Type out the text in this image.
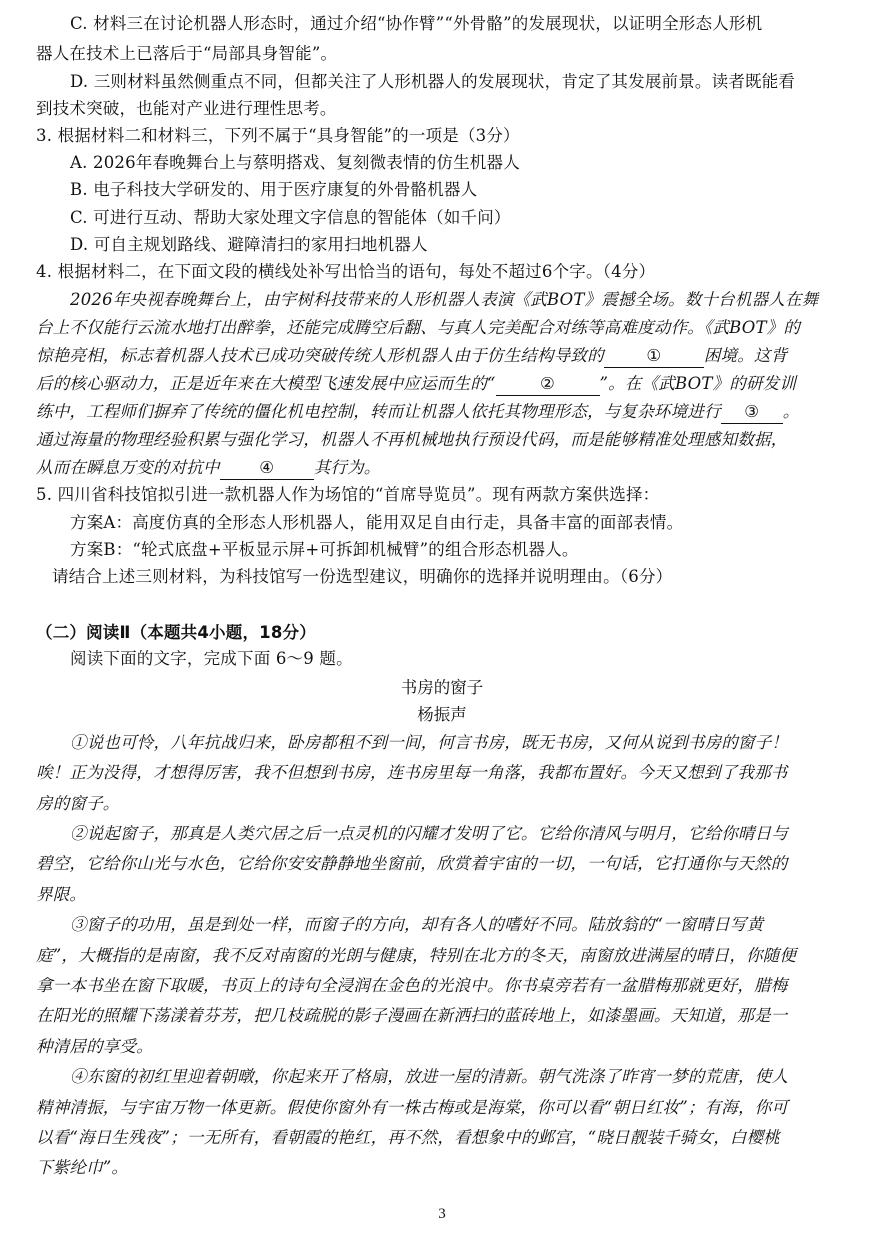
C. 材料三在讨论机器人形态时，通过介绍“协作臂”“外骨骼”的发展现状，以证明全形态人形机
器人在技术上已落后于“局部具身智能”。
D. 三则材料虽然侧重点不同，但都关注了人形机器人的发展现状，肯定了其发展前景。读者既能看
到技术突破，也能对产业进行理性思考。
3. 根据材料二和材料三，下列不属于“具身智能”的一项是（3分）
A. 2026年春晚舞台上与蔡明搭戏、复刻微表情的仿生机器人
B. 电子科技大学研发的、用于医疗康复的外骨骼机器人
C. 可进行互动、帮助大家处理文字信息的智能体（如千问）
D. 可自主规划路线、避障清扫的家用扫地机器人
4. 根据材料二，在下面文段的横线处补写出恰当的语句，每处不超过6个字。（4分）
2026年央视春晚舞台上，由宇树科技带来的人形机器人表演《武BOT》震撼全场。数十台机器人在舞
台上不仅能行云流水地打出醉拳，还能完成腾空后翻、与真人完美配合对练等高难度动作。《武BOT》的
惊艳亮相，标志着机器人技术已成功突破传统人形机器人由于仿生结构导致的	①	困境。这背
后的核心驱动力，正是近年来在大模型飞速发展中应运而生的“	②	”。在《武BOT》的研发训
练中，工程师们摒弃了传统的僵化机电控制，转而让机器人依托其物理形态，与复杂环境进行 ③ 。
通过海量的物理经验积累与强化学习，机器人不再机械地执行预设代码，而是能够精准处理感知数据，
从而在瞬息万变的对抗中 ④ 其行为。
5. 四川省科技馆拟引进一款机器人作为场馆的“首席导览员”。现有两款方案供选择：
方案A：高度仿真的全形态人形机器人，能用双足自由行走，具备丰富的面部表情。
方案B：“轮式底盘+平板显示屏+可拆卸机械臂”的组合形态机器人。
请结合上述三则材料，为科技馆写一份选型建议，明确你的选择并说明理由。（6分）
（二）阅读Ⅱ（本题共4小题，18分）
阅读下面的文字，完成下面 6～9 题。
书房的窗子
杨振声
①说也可怜，八年抗战归来，卧房都租不到一间，何言书房，既无书房，又何从说到书房的窗子！
唉！正为没得，才想得厉害，我不但想到书房，连书房里每一角落，我都布置好。今天又想到了我那书
房的窗子。
②说起窗子，那真是人类穴居之后一点灵机的闪耀才发明了它。它给你清风与明月，它给你晴日与
碧空，它给你山光与水色，它给你安安静静地坐窗前，欣赏着宇宙的一切，一句话，它打通你与天然的
界限。
③窗子的功用，虽是到处一样，而窗子的方向，却有各人的嗜好不同。陆放翁的“一窗晴日写黄
庭”，大概指的是南窗，我不反对南窗的光朗与健康，特别在北方的冬天，南窗放进满屋的晴日，你随便
拿一本书坐在窗下取暖，书页上的诗句全浸润在金色的光浪中。你书桌旁若有一盆腊梅那就更好，腊梅
在阳光的照耀下荡漾着芬芳，把几枝疏脱的影子漫画在新洒扫的蓝砖地上，如漆墨画。天知道，那是一
种清居的享受。
④东窗的初红里迎着朝暾，你起来开了格扇，放进一屋的清新。朝气洗涤了昨宵一梦的荒唐，使人
精神清振，与宇宙万物一体更新。假使你窗外有一株古梅或是海棠，你可以看“朝日红妆”；有海，你可
以看“海日生残夜”；一无所有，看朝霞的艳红，再不然，看想象中的邺宫，“晓日靓装千骑女，白樱桃
下紫纶巾”。
3
